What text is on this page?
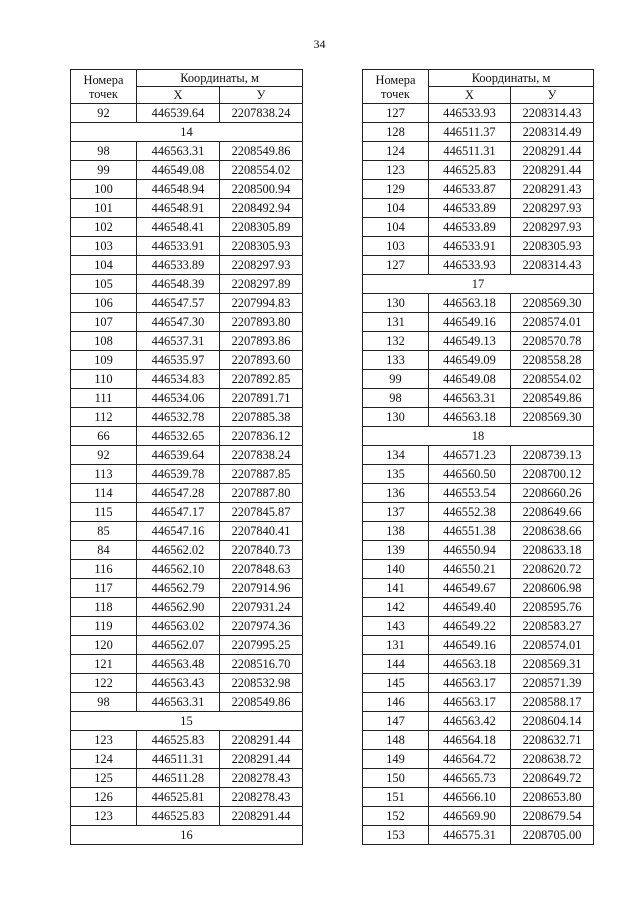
34
Номера точек	Координаты, м	
	Х	У
92	446539.64	2207838.24
14		
98	446563.31	2208549.86
99	446549.08	2208554.02
100	446548.94	2208500.94
101	446548.91	2208492.94
102	446548.41	2208305.89
103	446533.91	2208305.93
104	446533.89	2208297.93
105	446548.39	2208297.89
106	446547.57	2207994.83
107	446547.30	2207893.80
108	446537.31	2207893.86
109	446535.97	2207893.60
110	446534.83	2207892.85
111	446534.06	2207891.71
112	446532.78	2207885.38
66	446532.65	2207836.12
92	446539.64	2207838.24
113	446539.78	2207887.85
114	446547.28	2207887.80
115	446547.17	2207845.87
85	446547.16	2207840.41
84	446562.02	2207840.73
116	446562.10	2207848.63
117	446562.79	2207914.96
118	446562.90	2207931.24
119	446563.02	2207974.36
120	446562.07	2207995.25
121	446563.48	2208516.70
122	446563.43	2208532.98
98	446563.31	2208549.86
15		
123	446525.83	2208291.44
124	446511.31	2208291.44
125	446511.28	2208278.43
126	446525.81	2208278.43
123	446525.83	2208291.44
16		
Номера точек	Координаты, м	
	Х	У
127	446533.93	2208314.43
128	446511.37	2208314.49
124	446511.31	2208291.44
123	446525.83	2208291.44
129	446533.87	2208291.43
104	446533.89	2208297.93
104	446533.89	2208297.93
103	446533.91	2208305.93
127	446533.93	2208314.43
17		
130	446563.18	2208569.30
131	446549.16	2208574.01
132	446549.13	2208570.78
133	446549.09	2208558.28
99	446549.08	2208554.02
98	446563.31	2208549.86
130	446563.18	2208569.30
18		
134	446571.23	2208739.13
135	446560.50	2208700.12
136	446553.54	2208660.26
137	446552.38	2208649.66
138	446551.38	2208638.66
139	446550.94	2208633.18
140	446550.21	2208620.72
141	446549.67	2208606.98
142	446549.40	2208595.76
143	446549.22	2208583.27
131	446549.16	2208574.01
144	446563.18	2208569.31
145	446563.17	2208571.39
146	446563.17	2208588.17
147	446563.42	2208604.14
148	446564.18	2208632.71
149	446564.72	2208638.72
150	446565.73	2208649.72
151	446566.10	2208653.80
152	446569.90	2208679.54
153	446575.31	2208705.00
